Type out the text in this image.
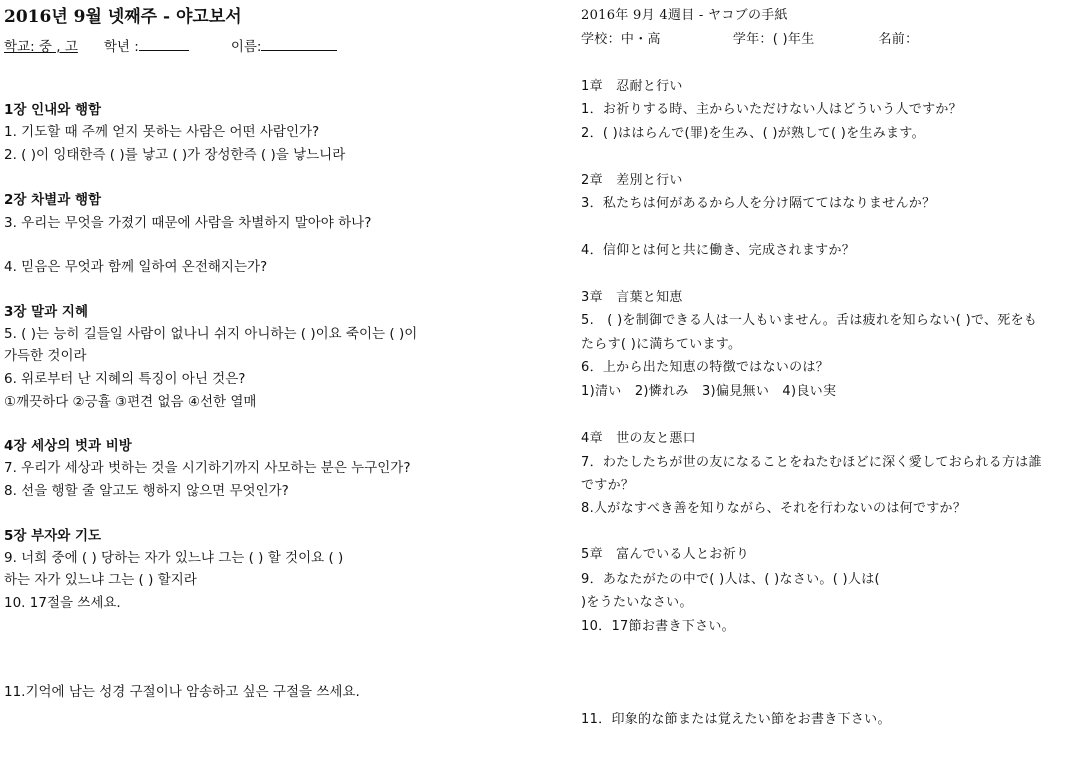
2016년 9월 넷째주 - 야고보서
학교: 중 , 고 학년 :	이름:
1장 인내와 행함
1. 기도할 때 주께 얻지 못하는 사람은 어떤 사람인가?
2. ( )이 잉태한즉 ( )를 낳고 ( )가 장성한즉 ( )을 낳느니라
2장 차별과 행함
3. 우리는 무엇을 가졌기 때문에 사람을 차별하지 말아야 하나?
4. 믿음은 무엇과 함께 일하여 온전해지는가?
3장 말과 지혜
5. ( )는 능히 길들일 사람이 없나니 쉬지 아니하는 ( )이요 죽이는 ( )이
가득한 것이라
6. 위로부터 난 지혜의 특징이 아닌 것은?
①깨끗하다 ②긍휼 ③편견 없음 ④선한 열매
4장 세상의 벗과 비방
7. 우리가 세상과 벗하는 것을 시기하기까지 사모하는 분은 누구인가?
8. 선을 행할 줄 알고도 행하지 않으면 무엇인가?
5장 부자와 기도
9. 너희 중에 ( ) 당하는 자가 있느냐 그는 ( ) 할 것이요 ( )
하는 자가 있느냐 그는 ( ) 할지라
10. 17절을 쓰세요.
11.기억에 남는 성경 구절이나 암송하고 싶은 구절을 쓰세요.
2016年 9月 4週目 - ヤコブの手紙
学校：中・高	学年：( )年生	名前：
1章　忍耐と行い
1．お祈りする時、主からいただけない人はどういう人ですか？
2．( )ははらんで(罪)を生み、( )が熟して( )を生みます。
2章　差別と行い
3．私たちは何があるから人を分け隔ててはなりませんか？
4．信仰とは何と共に働き、完成されますか？
3章　言葉と知恵
5.　( )を制御できる人は一人もいません。舌は疲れを知らない( )で、死をも
たらす( )に満ちています。
6．上から出た知恵の特徴ではないのは？
1)清い　2)憐れみ　3)偏見無い　4)良い実
4章　世の友と悪口
7．わたしたちが世の友になることをねたむほどに深く愛しておられる方は誰
ですか？
8.人がなすべき善を知りながら、それを行わないのは何ですか？
5章　富んでいる人とお祈り
9．あなたがたの中で( )人は、( )なさい。( )人は(
)をうたいなさい。
10．17節お書き下さい。
11．印象的な節または覚えたい節をお書き下さい。
